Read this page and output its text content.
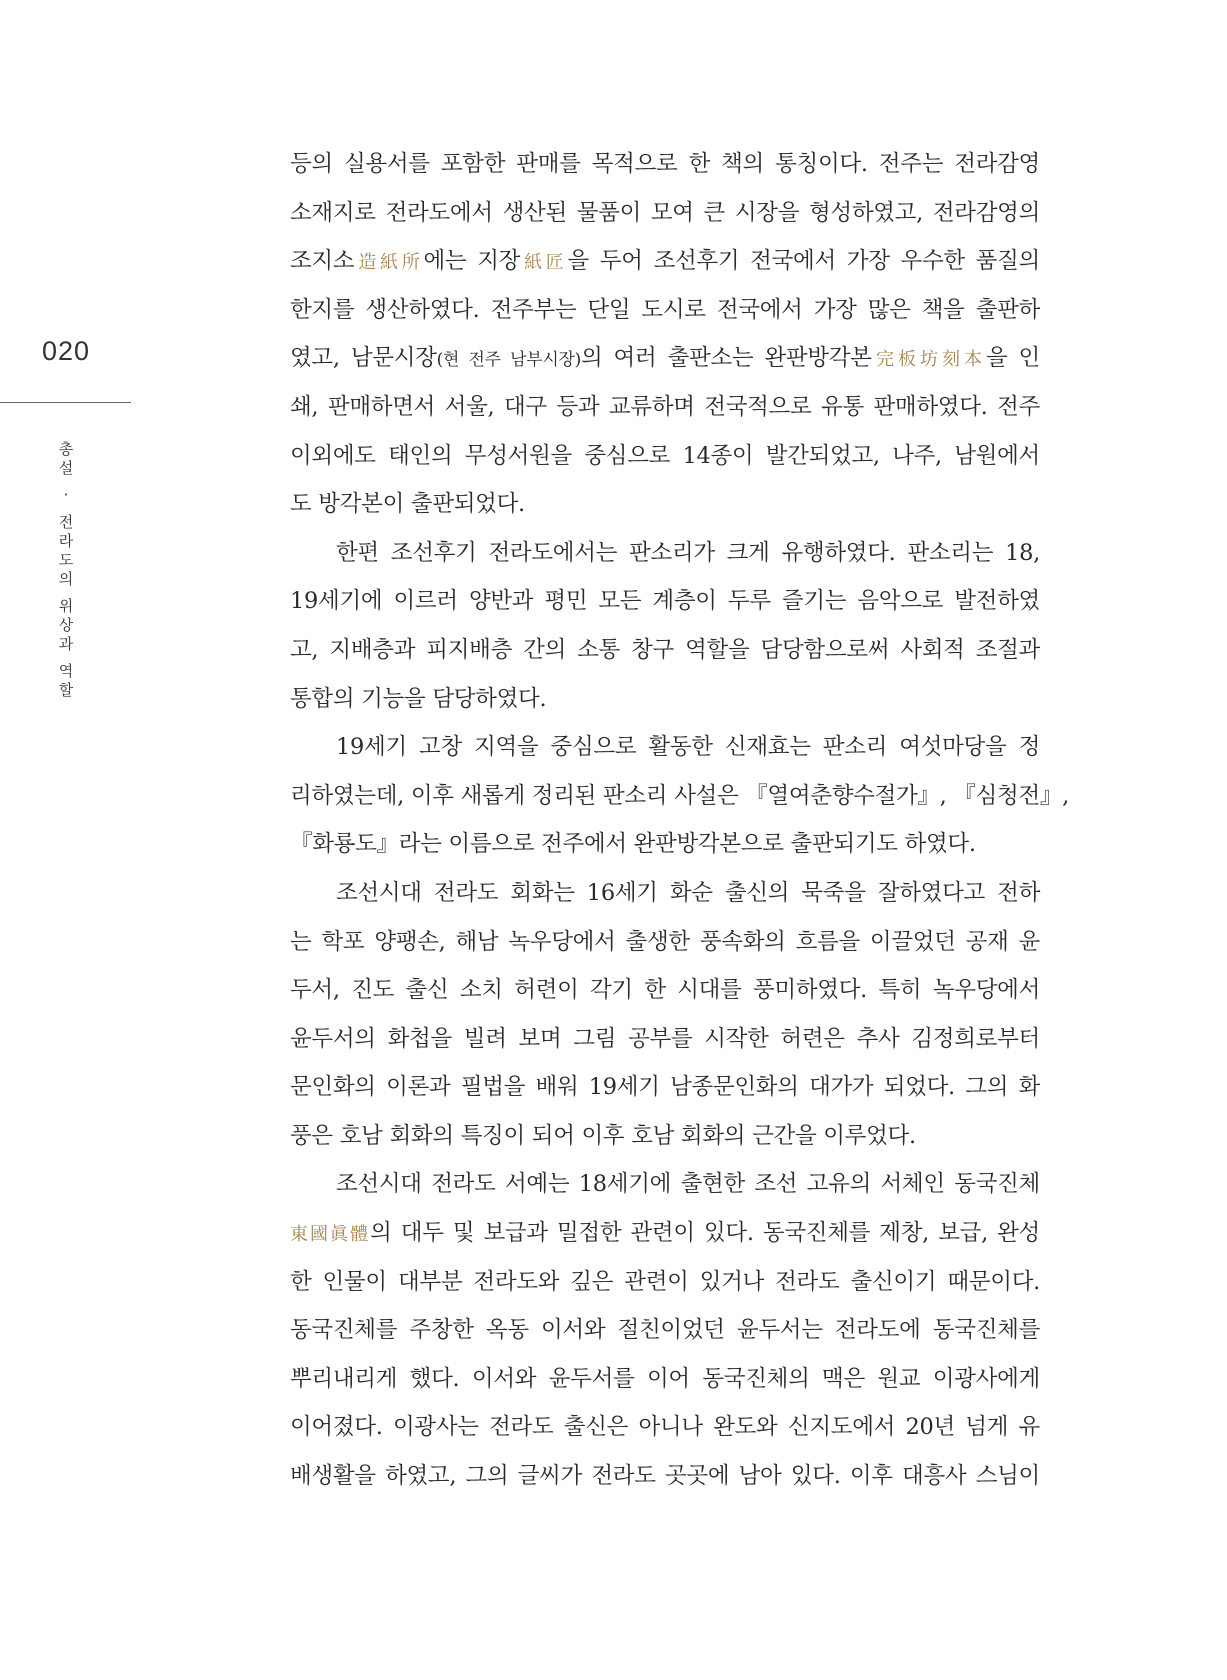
020
총
설

·

전
라
도
의

위
상
과

역
할
등의 실용서를 포함한 판매를 목적으로 한 책의 통칭이다. 전주는 전라감영
소재지로 전라도에서 생산된 물품이 모여 큰 시장을 형성하였고, 전라감영의
조지소造紙所에는 지장紙匠을 두어 조선후기 전국에서 가장 우수한 품질의
한지를 생산하였다. 전주부는 단일 도시로 전국에서 가장 많은 책을 출판하
였고, 남문시장(현 전주 남부시장)의 여러 출판소는 완판방각본完板坊刻本을 인
쇄, 판매하면서 서울, 대구 등과 교류하며 전국적으로 유통 판매하였다. 전주
이외에도 태인의 무성서원을 중심으로 14종이 발간되었고, 나주, 남원에서
도 방각본이 출판되었다.
한편 조선후기 전라도에서는 판소리가 크게 유행하였다. 판소리는 18,
19세기에 이르러 양반과 평민 모든 계층이 두루 즐기는 음악으로 발전하였
고, 지배층과 피지배층 간의 소통 창구 역할을 담당함으로써 사회적 조절과
통합의 기능을 담당하였다.
19세기 고창 지역을 중심으로 활동한 신재효는 판소리 여섯마당을 정
리하였는데, 이후 새롭게 정리된 판소리 사설은 『열여춘향수절가』, 『심청전』,
『화룡도』라는 이름으로 전주에서 완판방각본으로 출판되기도 하였다.
조선시대 전라도 회화는 16세기 화순 출신의 묵죽을 잘하였다고 전하
는 학포 양팽손, 해남 녹우당에서 출생한 풍속화의 흐름을 이끌었던 공재 윤
두서, 진도 출신 소치 허련이 각기 한 시대를 풍미하였다. 특히 녹우당에서
윤두서의 화첩을 빌려 보며 그림 공부를 시작한 허련은 추사 김정희로부터
문인화의 이론과 필법을 배워 19세기 남종문인화의 대가가 되었다. 그의 화
풍은 호남 회화의 특징이 되어 이후 호남 회화의 근간을 이루었다.
조선시대 전라도 서예는 18세기에 출현한 조선 고유의 서체인 동국진체
東國眞體의 대두 및 보급과 밀접한 관련이 있다. 동국진체를 제창, 보급, 완성
한 인물이 대부분 전라도와 깊은 관련이 있거나 전라도 출신이기 때문이다.
동국진체를 주창한 옥동 이서와 절친이었던 윤두서는 전라도에 동국진체를
뿌리내리게 했다. 이서와 윤두서를 이어 동국진체의 맥은 원교 이광사에게
이어졌다. 이광사는 전라도 출신은 아니나 완도와 신지도에서 20년 넘게 유
배생활을 하였고, 그의 글씨가 전라도 곳곳에 남아 있다. 이후 대흥사 스님이
